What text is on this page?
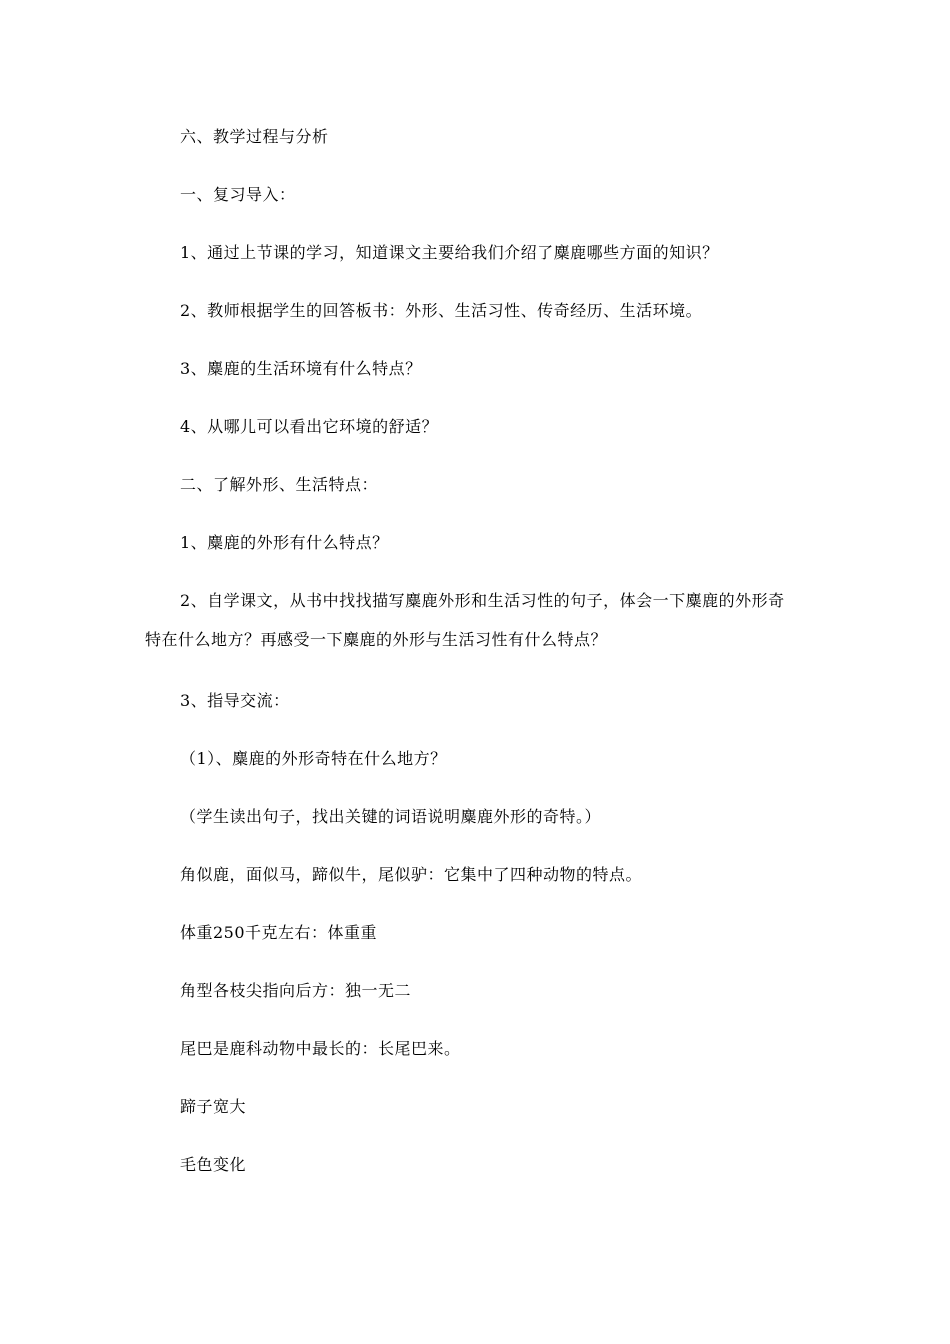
六、教学过程与分析

一、复习导入：

1、通过上节课的学习，知道课文主要给我们介绍了麋鹿哪些方面的知识？

2、教师根据学生的回答板书：外形、生活习性、传奇经历、生活环境。

3、麋鹿的生活环境有什么特点？

4、从哪儿可以看出它环境的舒适？

二、了解外形、生活特点：

1、麋鹿的外形有什么特点？

2、自学课文，从书中找找描写麋鹿外形和生活习性的句子，体会一下麋鹿的外形奇
特在什么地方？再感受一下麋鹿的外形与生活习性有什么特点？

3、指导交流：

（1）、麋鹿的外形奇特在什么地方？

（学生读出句子，找出关键的词语说明麋鹿外形的奇特。）

角似鹿，面似马，蹄似牛，尾似驴：它集中了四种动物的特点。

体重250千克左右：体重重

角型各枝尖指向后方：独一无二

尾巴是鹿科动物中最长的：长尾巴来。

蹄子宽大

毛色变化
